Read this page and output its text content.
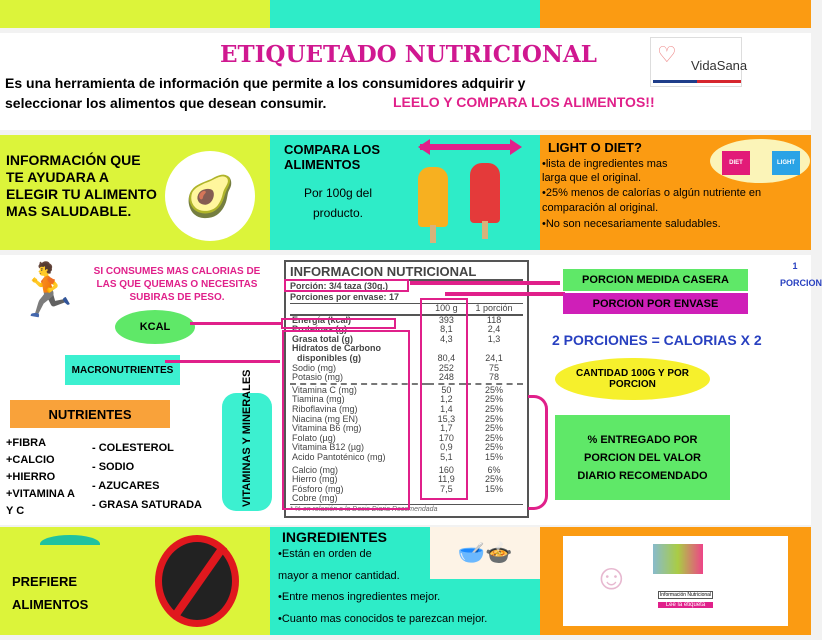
ETIQUETADO NUTRICIONAL
Es una herramienta de información que permite a los consumidores adquirir y
seleccionar los alimentos que desean consumir.	LEELO Y COMPARA LOS ALIMENTOS!!
♡ VidaSana
INFORMACIÓN QUE TE AYUDARA A ELEGIR TU ALIMENTO MAS SALUDABLE.	🥑
COMPARA LOS ALIMENTOS
Por 100g del producto.
LIGHT O DIET?
•lista de ingredientes mas larga que el original.
•25% menos de calorías o algún nutriente en comparación al original.
•No son necesariamente saludables.
DIET	LIGHT
🏃	SI CONSUMES MAS CALORIAS DE LAS QUE QUEMAS O NECESITAS SUBIRAS DE PESO.
KCAL
MACRONUTRIENTES
NUTRIENTES
+FIBRA
+CALCIO
+HIERRO
+VITAMINA A Y C
- COLESTEROL
- SODIO
- AZUCARES
- GRASA SATURADA	VITAMINAS Y MINERALES
INFORMACION NUTRICIONAL
Porción: 3/4 taza (30g.)
Porciones por envase: 17
	100 g	1 porción
Energía (kcal)	393	118
Proteínas (g)	8,1	2,4
Grasa total (g)	4,3	1,3
Hidratos de Carbono		
disponibles (g)	80,4	24,1
Sodio (mg)	252	75
Potasio (mg)	248	78

Vitamina C (mg)	50	25%
Tiamina (mg)	1,2	25%
Riboflavina (mg)	1,4	25%
Niacina (mg EN)	15,3	25%
Vitamina B6 (mg)	1,7	25%
Folato (µg)	170	25%
Vitamina B12 (µg)	0,9	25%
Acido Pantoténico (mg)	5,1	15%

Calcio (mg)	160	6%
Hierro (mg)	11,9	25%
Fósforo (mg)	7,5	15%
Cobre (mg)		
* % en relación a la Dosis Diaria Recomendada
PORCION MEDIDA CASERA
PORCION POR ENVASE
1 PORCION
2 PORCIONES = CALORIAS X 2
CANTIDAD 100G Y POR PORCION
% ENTREGADO POR PORCION DEL VALOR DIARIO RECOMENDADO
PREFIERE ALIMENTOS
INGREDIENTES
•Están en orden de
mayor a menor cantidad.
•Entre menos ingredientes mejor.
•Cuanto mas conocidos te parezcan mejor.
🥣🍲
☺	Información Nutricional
Lee la etiqueta
